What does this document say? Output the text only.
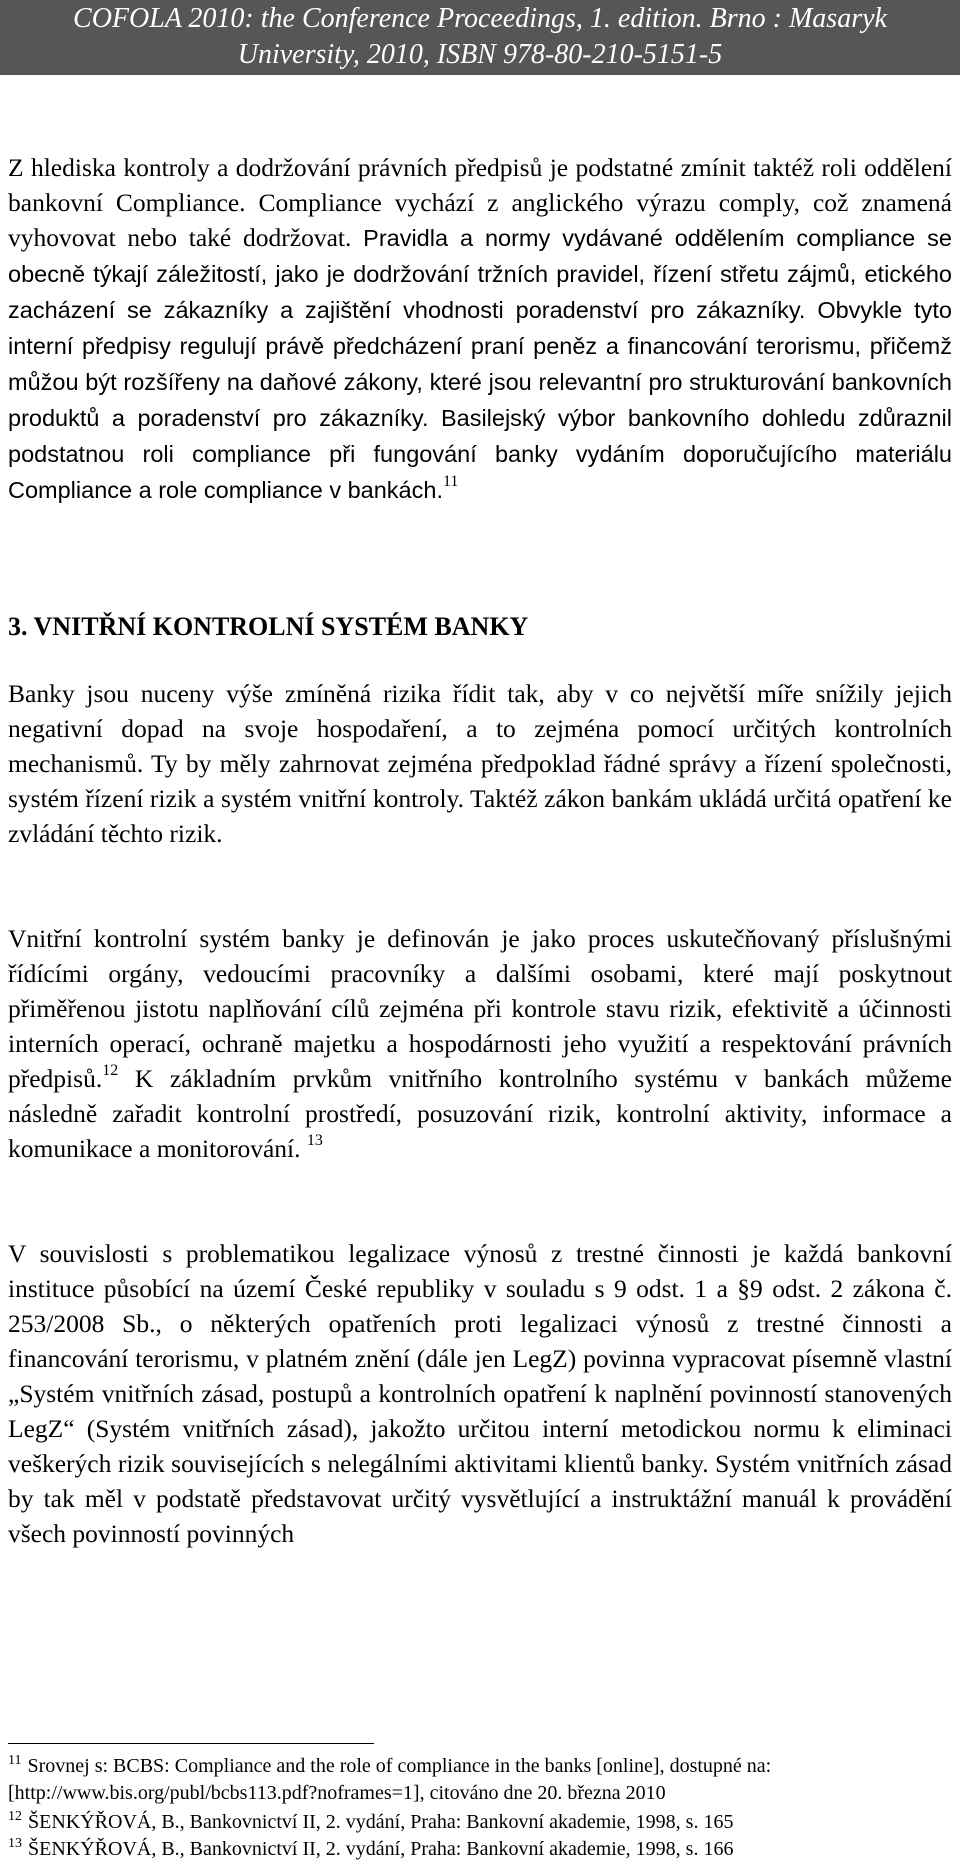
COFOLA 2010: the Conference Proceedings, 1. edition. Brno : Masaryk
University, 2010, ISBN 978-80-210-5151-5

Z hlediska kontroly a dodržování právních předpisů je podstatné zmínit taktéž roli oddělení bankovní Compliance. Compliance vychází z anglického výrazu comply, což znamená vyhovovat nebo také dodržovat. Pravidla a normy vydávané oddělením compliance se obecně týkají záležitostí, jako je dodržování tržních pravidel, řízení střetu zájmů, etického zacházení se zákazníky a zajištění vhodnosti poradenství pro zákazníky. Obvykle tyto interní předpisy regulují právě předcházení praní peněz a financování terorismu, přičemž můžou být rozšířeny na daňové zákony, které jsou relevantní pro strukturování bankovních produktů a poradenství pro zákazníky. Basilejský výbor bankovního dohledu zdůraznil podstatnou roli compliance při fungování banky vydáním doporučujícího materiálu Compliance a role compliance v bankách.$^{11}$

3. VNITŘNÍ KONTROLNÍ SYSTÉM BANKY

Banky jsou nuceny výše zmíněná rizika řídit tak, aby v co největší míře snížily jejich negativní dopad na svoje hospodaření, a to zejména pomocí určitých kontrolních mechanismů. Ty by měly zahrnovat zejména předpoklad řádné správy a řízení společnosti, systém řízení rizik a systém vnitřní kontroly. Taktéž zákon bankám ukládá určitá opatření ke zvládání těchto rizik.

Vnitřní kontrolní systém banky je definován je jako proces uskutečňovaný příslušnými řídícími orgány, vedoucími pracovníky a dalšími osobami, které mají poskytnout přiměřenou jistotu naplňování cílů zejména při kontrole stavu rizik, efektivitě a účinnosti interních operací, ochraně majetku a hospodárnosti jeho využití a respektování právních předpisů.$^{12}$ K základním prvkům vnitřního kontrolního systému v bankách můžeme následně zařadit kontrolní prostředí, posuzování rizik, kontrolní aktivity, informace a komunikace a monitorování. $^{13}$

V souvislosti s problematikou legalizace výnosů z trestné činnosti je každá bankovní instituce působící na území České republiky v souladu s 9 odst. 1 a §9 odst. 2 zákona č. 253/2008 Sb., o některých opatřeních proti legalizaci výnosů z trestné činnosti a financování terorismu, v platném znění (dále jen LegZ) povinna vypracovat písemně vlastní „Systém vnitřních zásad, postupů a kontrolních opatření k naplnění povinností stanovených LegZ“ (Systém vnitřních zásad), jakožto určitou interní metodickou normu k eliminaci veškerých rizik souvisejících s nelegálními aktivitami klientů banky. Systém vnitřních zásad by tak měl v podstatě představovat určitý vysvětlující a instruktážní manuál k provádění všech povinností povinných

$^{11}$ Srovnej s: BCBS: Compliance and the role of compliance in the banks [online], dostupné na: [http://www.bis.org/publ/bcbs113.pdf?noframes=1], citováno dne 20. března 2010

$^{12}$ ŠENKÝŘOVÁ, B., Bankovnictví II, 2. vydání, Praha: Bankovní akademie, 1998, s. 165

$^{13}$ ŠENKÝŘOVÁ, B., Bankovnictví II, 2. vydání, Praha: Bankovní akademie, 1998, s. 166
